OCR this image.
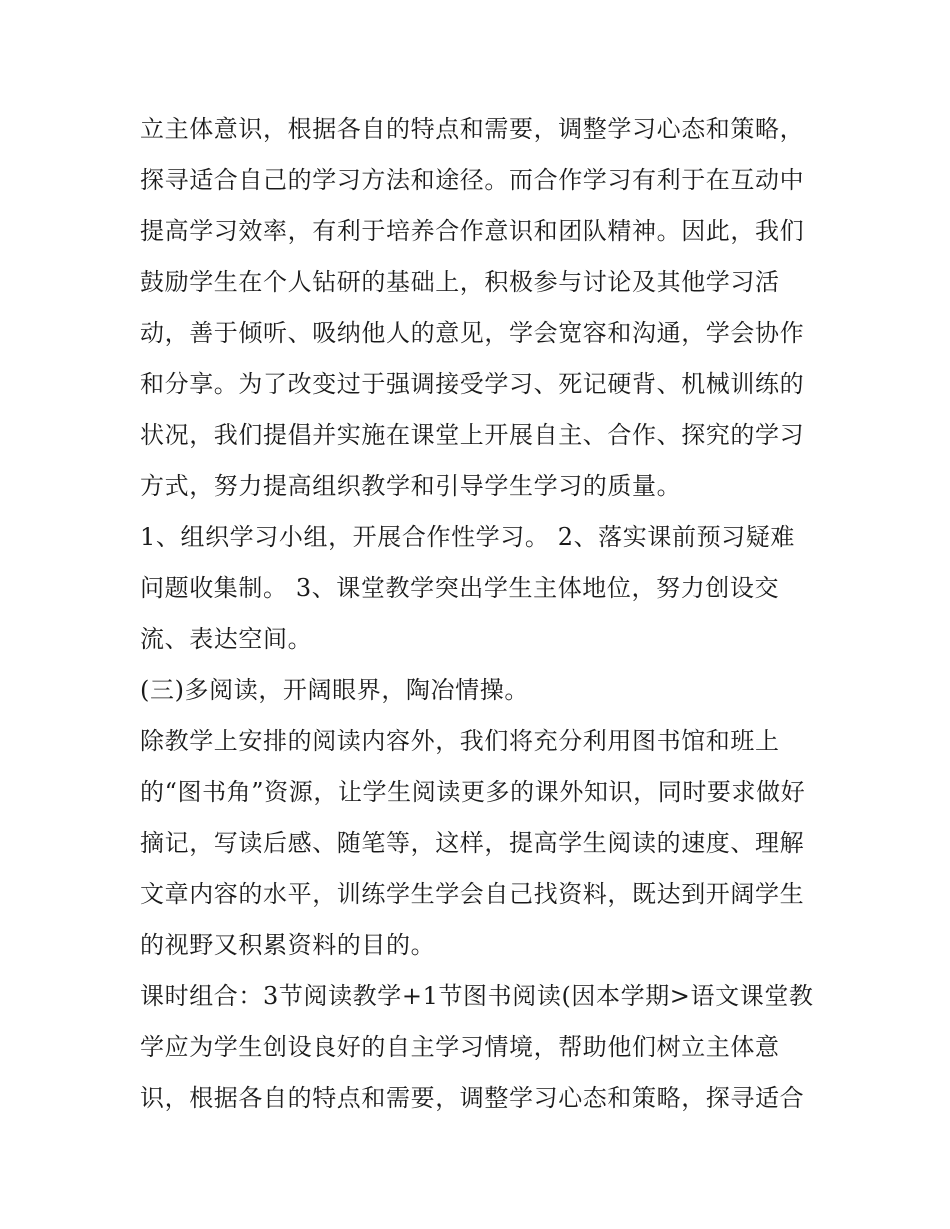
立主体意识，根据各自的特点和需要，调整学习心态和策略，
探寻适合自己的学习方法和途径。而合作学习有利于在互动中
提高学习效率，有利于培养合作意识和团队精神。因此，我们
鼓励学生在个人钻研的基础上，积极参与讨论及其他学习活
动，善于倾听、吸纳他人的意见，学会宽容和沟通，学会协作
和分享。为了改变过于强调接受学习、死记硬背、机械训练的
状况，我们提倡并实施在课堂上开展自主、合作、探究的学习
方式，努力提高组织教学和引导学生学习的质量。
1、组织学习小组，开展合作性学习。 2、落实课前预习疑难
问题收集制。 3、课堂教学突出学生主体地位，努力创设交
流、表达空间。
(三)多阅读，开阔眼界，陶冶情操。
除教学上安排的阅读内容外，我们将充分利用图书馆和班上
的“图书角”资源，让学生阅读更多的课外知识，同时要求做好
摘记，写读后感、随笔等，这样，提高学生阅读的速度、理解
文章内容的水平，训练学生学会自己找资料，既达到开阔学生
的视野又积累资料的目的。
课时组合：3节阅读教学+1节图书阅读(因本学期>语文课堂教
学应为学生创设良好的自主学习情境，帮助他们树立主体意
识，根据各自的特点和需要，调整学习心态和策略，探寻适合
